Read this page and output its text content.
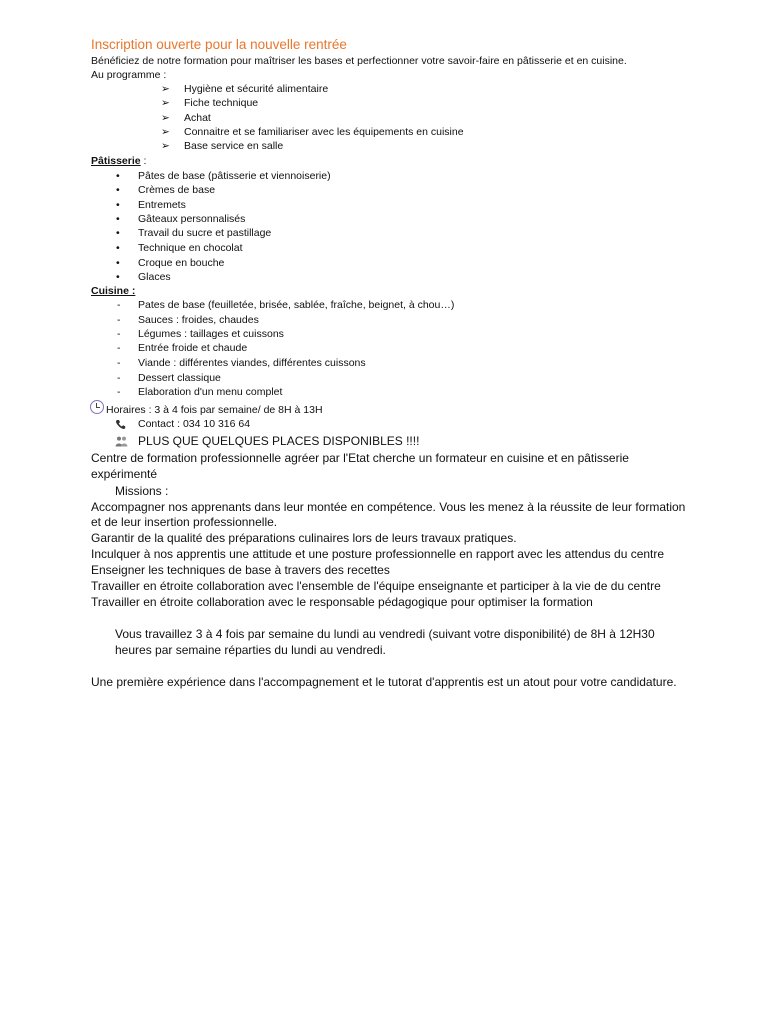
Inscription ouverte pour la nouvelle rentrée
Bénéficiez de notre formation pour maîtriser les bases et perfectionner votre savoir-faire en pâtisserie et en cuisine.
Au programme :
➢ Hygiène et sécurité alimentaire
➢ Fiche technique
➢ Achat
➢ Connaitre et se familiariser avec les équipements en cuisine
➢ Base service en salle
Pâtisserie :
• Pâtes de base (pâtisserie et viennoiserie)
• Crèmes de base
• Entremets
• Gâteaux personnalisés
• Travail du sucre et pastillage
• Technique en chocolat
• Croque en bouche
• Glaces
Cuisine :
- Pates de base (feuilletée, brisée, sablée, fraîche, beignet, à chou…)
- Sauces : froides, chaudes
- Légumes : taillages et cuissons
- Entrée froide et chaude
- Viande : différentes viandes, différentes cuissons
- Dessert classique
- Elaboration d'un menu complet
Horaires : 3 à 4 fois par semaine/ de 8H à 13H
Contact : 034 10 316 64
PLUS QUE QUELQUES PLACES DISPONIBLES !!!!
Centre de formation professionnelle agréer par l'Etat cherche un formateur en cuisine et en pâtisserie
expérimenté
Missions :
Accompagner nos apprenants dans leur montée en compétence. Vous les menez à la réussite de leur formation
et de leur insertion professionnelle.
Garantir de la qualité des préparations culinaires lors de leurs travaux pratiques.
Inculquer à nos apprentis une attitude et une posture professionnelle en rapport avec les attendus du centre
Enseigner les techniques de base à travers des recettes
Travailler en étroite collaboration avec l'ensemble de l'équipe enseignante et participer à la vie de du centre
Travailler en étroite collaboration avec le responsable pédagogique pour optimiser la formation
Vous travaillez 3 à 4 fois par semaine du lundi au vendredi (suivant votre disponibilité) de 8H à 12H30
heures par semaine réparties du lundi au vendredi.
Une première expérience dans l'accompagnement et le tutorat d'apprentis est un atout pour votre candidature.
